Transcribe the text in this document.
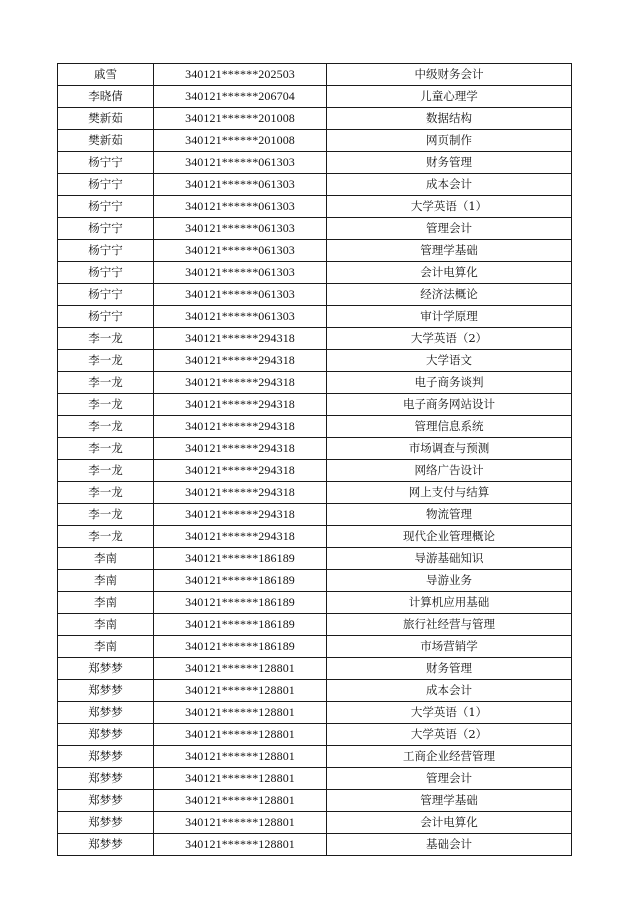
戚雪	340121******202503	中级财务会计
李晓倩	340121******206704	儿童心理学
樊新茹	340121******201008	数据结构
樊新茹	340121******201008	网页制作
杨宁宁	340121******061303	财务管理
杨宁宁	340121******061303	成本会计
杨宁宁	340121******061303	大学英语（1）
杨宁宁	340121******061303	管理会计
杨宁宁	340121******061303	管理学基础
杨宁宁	340121******061303	会计电算化
杨宁宁	340121******061303	经济法概论
杨宁宁	340121******061303	审计学原理
李一龙	340121******294318	大学英语（2）
李一龙	340121******294318	大学语文
李一龙	340121******294318	电子商务谈判
李一龙	340121******294318	电子商务网站设计
李一龙	340121******294318	管理信息系统
李一龙	340121******294318	市场调查与预测
李一龙	340121******294318	网络广告设计
李一龙	340121******294318	网上支付与结算
李一龙	340121******294318	物流管理
李一龙	340121******294318	现代企业管理概论
李南	340121******186189	导游基础知识
李南	340121******186189	导游业务
李南	340121******186189	计算机应用基础
李南	340121******186189	旅行社经营与管理
李南	340121******186189	市场营销学
郑梦梦	340121******128801	财务管理
郑梦梦	340121******128801	成本会计
郑梦梦	340121******128801	大学英语（1）
郑梦梦	340121******128801	大学英语（2）
郑梦梦	340121******128801	工商企业经营管理
郑梦梦	340121******128801	管理会计
郑梦梦	340121******128801	管理学基础
郑梦梦	340121******128801	会计电算化
郑梦梦	340121******128801	基础会计
